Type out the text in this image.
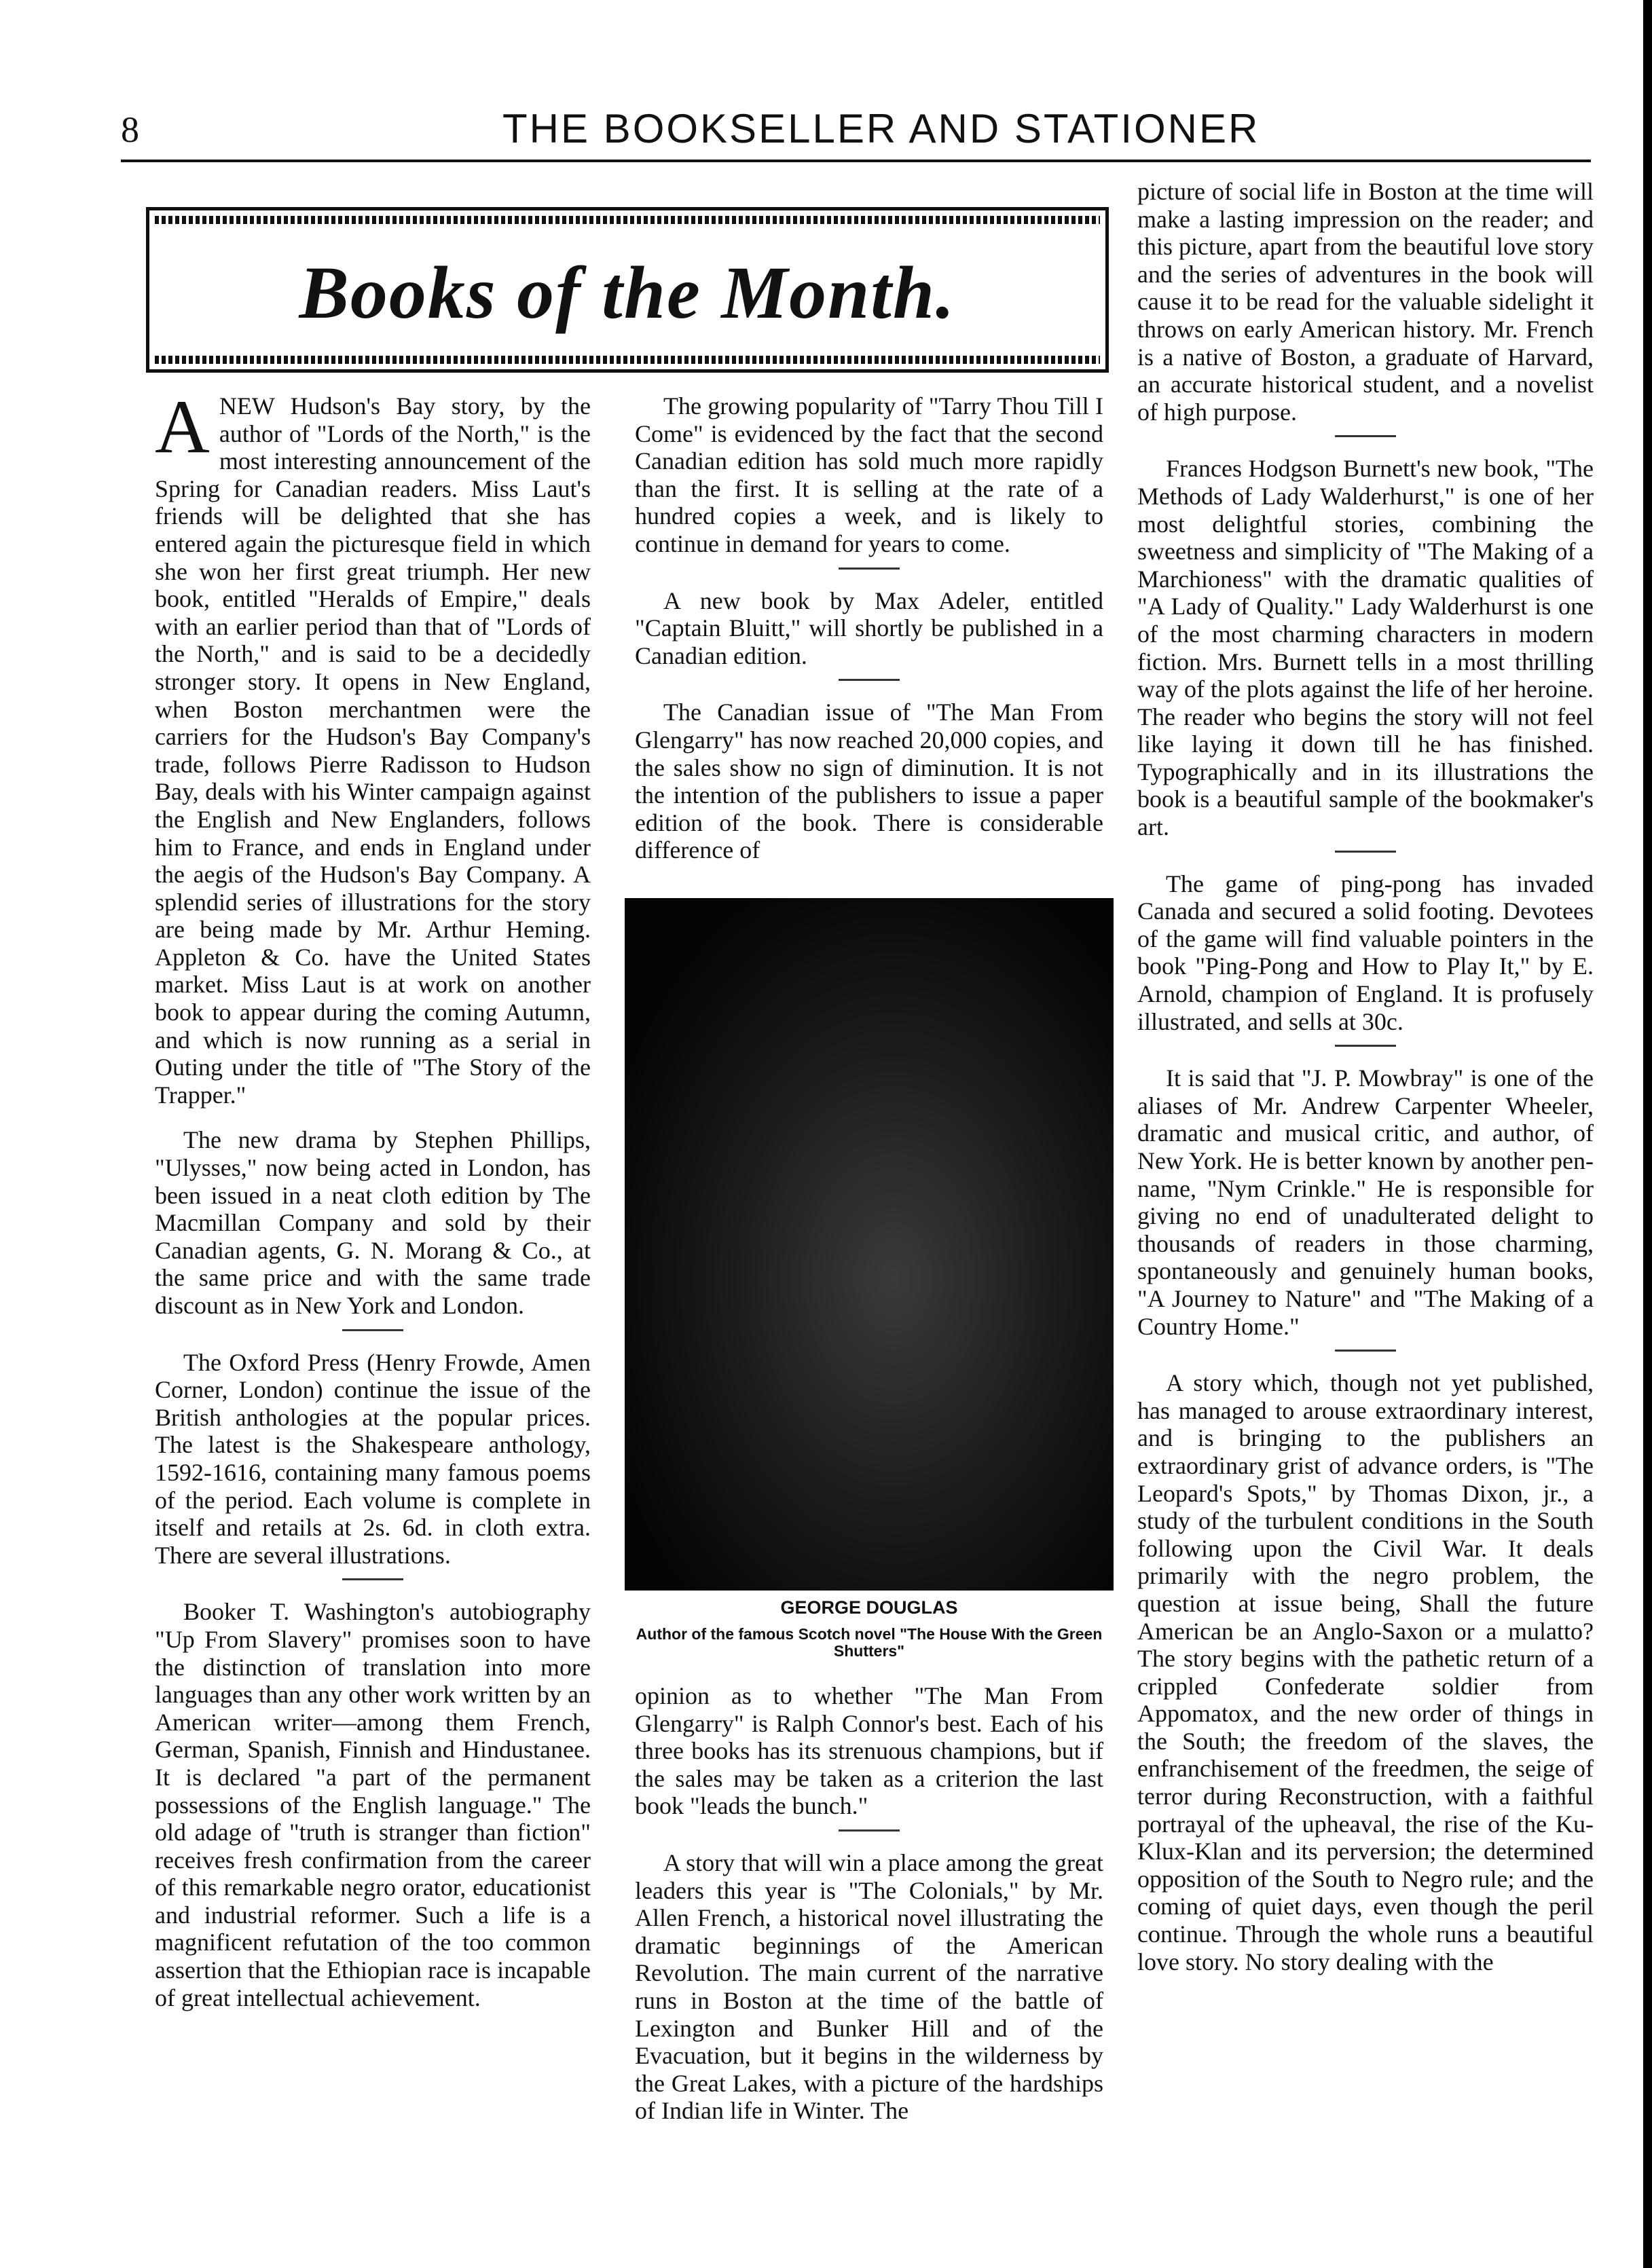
8	THE BOOKSELLER AND STATIONER
Books of the Month.

ANEW Hudson's Bay story, by the author of "Lords of the North," is the most interesting announcement of the Spring for Canadian readers. Miss Laut's friends will be delighted that she has entered again the picturesque field in which she won her first great triumph. Her new book, entitled "Heralds of Empire," deals with an earlier period than that of "Lords of the North," and is said to be a decidedly stronger story. It opens in New England, when Boston merchantmen were the carriers for the Hudson's Bay Company's trade, follows Pierre Radisson to Hudson Bay, deals with his Winter campaign against the English and New Englanders, follows him to France, and ends in England under the aegis of the Hudson's Bay Company. A splendid series of illustrations for the story are being made by Mr. Arthur Heming. Appleton & Co. have the United States market. Miss Laut is at work on another book to appear during the coming Autumn, and which is now running as a serial in Outing under the title of "The Story of the Trapper."

The new drama by Stephen Phillips, "Ulysses," now being acted in London, has been issued in a neat cloth edition by The Macmillan Company and sold by their Canadian agents, G. N. Morang & Co., at the same price and with the same trade discount as in New York and London.

The Oxford Press (Henry Frowde, Amen Corner, London) continue the issue of the British anthologies at the popular prices. The latest is the Shakespeare anthology, 1592-1616, containing many famous poems of the period. Each volume is complete in itself and retails at 2s. 6d. in cloth extra. There are several illustrations.

Booker T. Washington's autobiography "Up From Slavery" promises soon to have the distinction of translation into more languages than any other work written by an American writer—among them French, German, Spanish, Finnish and Hindustanee. It is declared "a part of the permanent possessions of the English language." The old adage of "truth is stranger than fiction" receives fresh confirmation from the career of this remarkable negro orator, educationist and industrial reformer. Such a life is a magnificent refutation of the too common assertion that the Ethiopian race is incapable of great intellectual achievement.

The growing popularity of "Tarry Thou Till I Come" is evidenced by the fact that the second Canadian edition has sold much more rapidly than the first. It is selling at the rate of a hundred copies a week, and is likely to continue in demand for years to come.

A new book by Max Adeler, entitled "Captain Bluitt," will shortly be published in a Canadian edition.

The Canadian issue of "The Man From Glengarry" has now reached 20,000 copies, and the sales show no sign of diminution. It is not the intention of the publishers to issue a paper edition of the book. There is considerable difference of

GEORGE DOUGLAS
Author of the famous Scotch novel "The House With the Green Shutters"

opinion as to whether "The Man From Glengarry" is Ralph Connor's best. Each of his three books has its strenuous champions, but if the sales may be taken as a criterion the last book "leads the bunch."

A story that will win a place among the great leaders this year is "The Colonials," by Mr. Allen French, a historical novel illustrating the dramatic beginnings of the American Revolution. The main current of the narrative runs in Boston at the time of the battle of Lexington and Bunker Hill and of the Evacuation, but it begins in the wilderness by the Great Lakes, with a picture of the hardships of Indian life in Winter. The

picture of social life in Boston at the time will make a lasting impression on the reader; and this picture, apart from the beautiful love story and the series of adventures in the book will cause it to be read for the valuable sidelight it throws on early American history. Mr. French is a native of Boston, a graduate of Harvard, an accurate historical student, and a novelist of high purpose.

Frances Hodgson Burnett's new book, "The Methods of Lady Walderhurst," is one of her most delightful stories, combining the sweetness and simplicity of "The Making of a Marchioness" with the dramatic qualities of "A Lady of Quality." Lady Walderhurst is one of the most charming characters in modern fiction. Mrs. Burnett tells in a most thrilling way of the plots against the life of her heroine. The reader who begins the story will not feel like laying it down till he has finished. Typographically and in its illustrations the book is a beautiful sample of the bookmaker's art.

The game of ping-pong has invaded Canada and secured a solid footing. Devotees of the game will find valuable pointers in the book "Ping-Pong and How to Play It," by E. Arnold, champion of England. It is profusely illustrated, and sells at 30c.

It is said that "J. P. Mowbray" is one of the aliases of Mr. Andrew Carpenter Wheeler, dramatic and musical critic, and author, of New York. He is better known by another pen-name, "Nym Crinkle." He is responsible for giving no end of unadulterated delight to thousands of readers in those charming, spontaneously and genuinely human books, "A Journey to Nature" and "The Making of a Country Home."

A story which, though not yet published, has managed to arouse extraordinary interest, and is bringing to the publishers an extraordinary grist of advance orders, is "The Leopard's Spots," by Thomas Dixon, jr., a study of the turbulent conditions in the South following upon the Civil War. It deals primarily with the negro problem, the question at issue being, Shall the future American be an Anglo-Saxon or a mulatto? The story begins with the pathetic return of a crippled Confederate soldier from Appomatox, and the new order of things in the South; the freedom of the slaves, the enfranchisement of the freedmen, the seige of terror during Reconstruction, with a faithful portrayal of the upheaval, the rise of the Ku-Klux-Klan and its perversion; the determined opposition of the South to Negro rule; and the coming of quiet days, even though the peril continue. Through the whole runs a beautiful love story. No story dealing with the
